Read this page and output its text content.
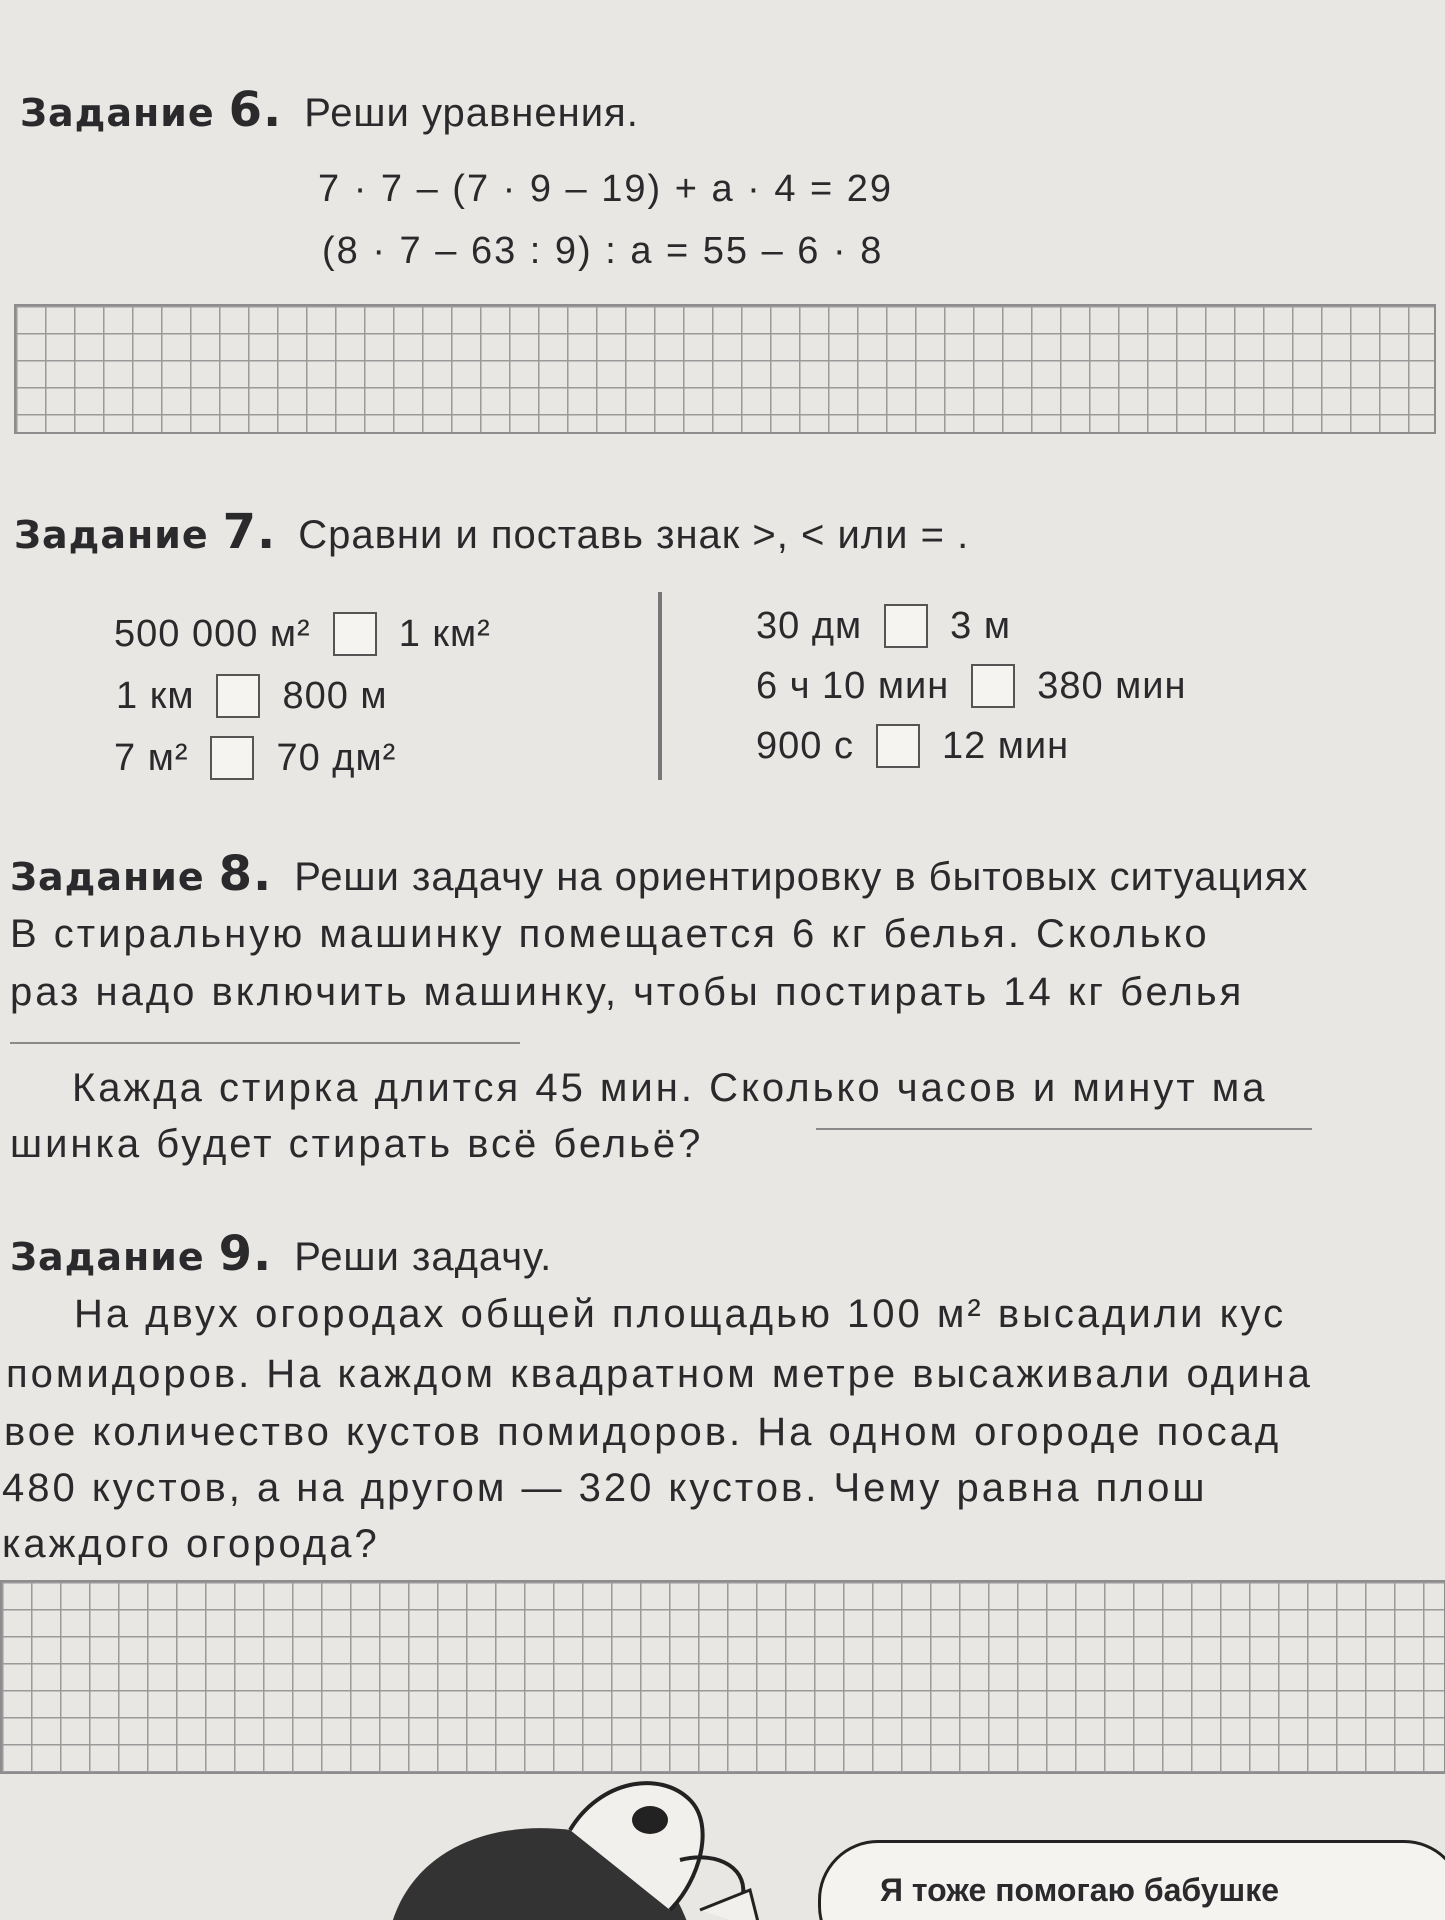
Задание 6. Реши уравнения.
7 · 7 – (7 · 9 – 19) + а · 4 = 29
(8 · 7 – 63 : 9) : а = 55 – 6 · 8
Задание 7. Сравни и поставь знак >, < или = .
500 000 м² 1 км²
1 км 800 м
7 м² 70 дм²
30 дм 3 м
6 ч 10 мин 380 мин
900 с 12 мин
Задание 8. Реши задачу на ориентировку в бытовых ситуациях
В стиральную машинку помещается 6 кг белья. Сколько
раз надо включить машинку, чтобы постирать 14 кг белья
Кажда стирка длится 45 мин. Сколько часов и минут ма
шинка будет стирать всё бельё?
Задание 9. Реши задачу.
На двух огородах общей площадью 100 м² высадили кус
помидоров. На каждом квадратном метре высаживали одина
вое количество кустов помидоров. На одном огороде посад
480 кустов, а на другом — 320 кустов. Чему равна плош
каждого огорода?
Я тоже помогаю бабушке
